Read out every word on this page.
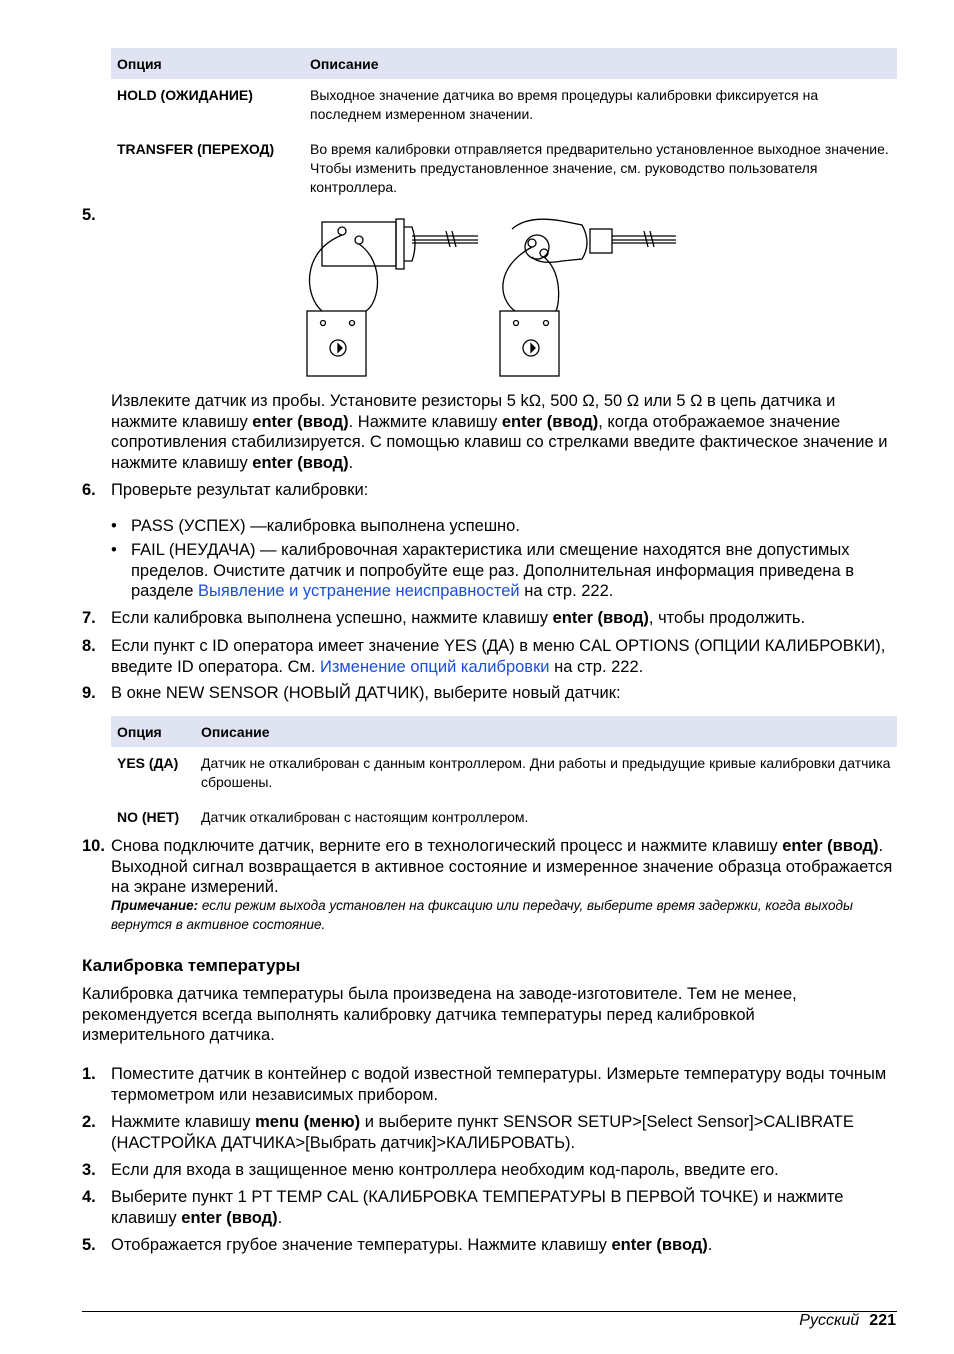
Опция	Описание
HOLD (ОЖИДАНИЕ)	Выходное значение датчика во время процедуры калибровки фиксируется на последнем измеренном значении.
TRANSFER (ПЕРЕХОД)	Во время калибровки отправляется предварительно установленное выходное значение. Чтобы изменить предустановленное значение, см. руководство пользователя контроллера.
5.
Извлеките датчик из пробы. Установите резисторы 5 kΩ, 500 Ω, 50 Ω или 5 Ω в цепь датчика и нажмите клавишу enter (ввод). Нажмите клавишу enter (ввод), когда отображаемое значение сопротивления стабилизируется. С помощью клавиш со стрелками введите фактическое значение и нажмите клавишу enter (ввод).
6. Проверьте результат калибровки:
• PASS (УСПЕХ) —калибровка выполнена успешно.
• FAIL (НЕУДАЧА) — калибровочная характеристика или смещение находятся вне допустимых пределов. Очистите датчик и попробуйте еще раз. Дополнительная информация приведена в разделе Выявление и устранение неисправностей на стр. 222.
7. Если калибровка выполнена успешно, нажмите клавишу enter (ввод), чтобы продолжить.
8. Если пункт с ID оператора имеет значение YES (ДА) в меню CAL OPTIONS (ОПЦИИ КАЛИБРОВКИ), введите ID оператора. См. Изменение опций калибровки на стр. 222.
9. В окне NEW SENSOR (НОВЫЙ ДАТЧИК), выберите новый датчик:
Опция	Описание
YES (ДА)	Датчик не откалиброван с данным контроллером. Дни работы и предыдущие кривые калибровки датчика сброшены.
NO (НЕТ)	Датчик откалиброван с настоящим контроллером.
10. Снова подключите датчик, верните его в технологический процесс и нажмите клавишу enter (ввод). Выходной сигнал возвращается в активное состояние и измеренное значение образца отображается на экране измерений.
Примечание: если режим выхода установлен на фиксацию или передачу, выберите время задержки, когда выходы вернутся в активное состояние.
Калибровка температуры
Калибровка датчика температуры была произведена на заводе-изготовителе. Тем не менее, рекомендуется всегда выполнять калибровку датчика температуры перед калибровкой измерительного датчика.
1. Поместите датчик в контейнер с водой известной температуры. Измерьте температуру воды точным термометром или независимых прибором.
2. Нажмите клавишу menu (меню) и выберите пункт SENSOR SETUP>[Select Sensor]>CALIBRATE (НАСТРОЙКА ДАТЧИКА>[Выбрать датчик]>КАЛИБРОВАТЬ).
3. Если для входа в защищенное меню контроллера необходим код-пароль, введите его.
4. Выберите пункт 1 PT TEMP CAL (КАЛИБРОВКА ТЕМПЕРАТУРЫ В ПЕРВОЙ ТОЧКЕ) и нажмите клавишу enter (ввод).
5. Отображается грубое значение температуры. Нажмите клавишу enter (ввод).
Русский 221
